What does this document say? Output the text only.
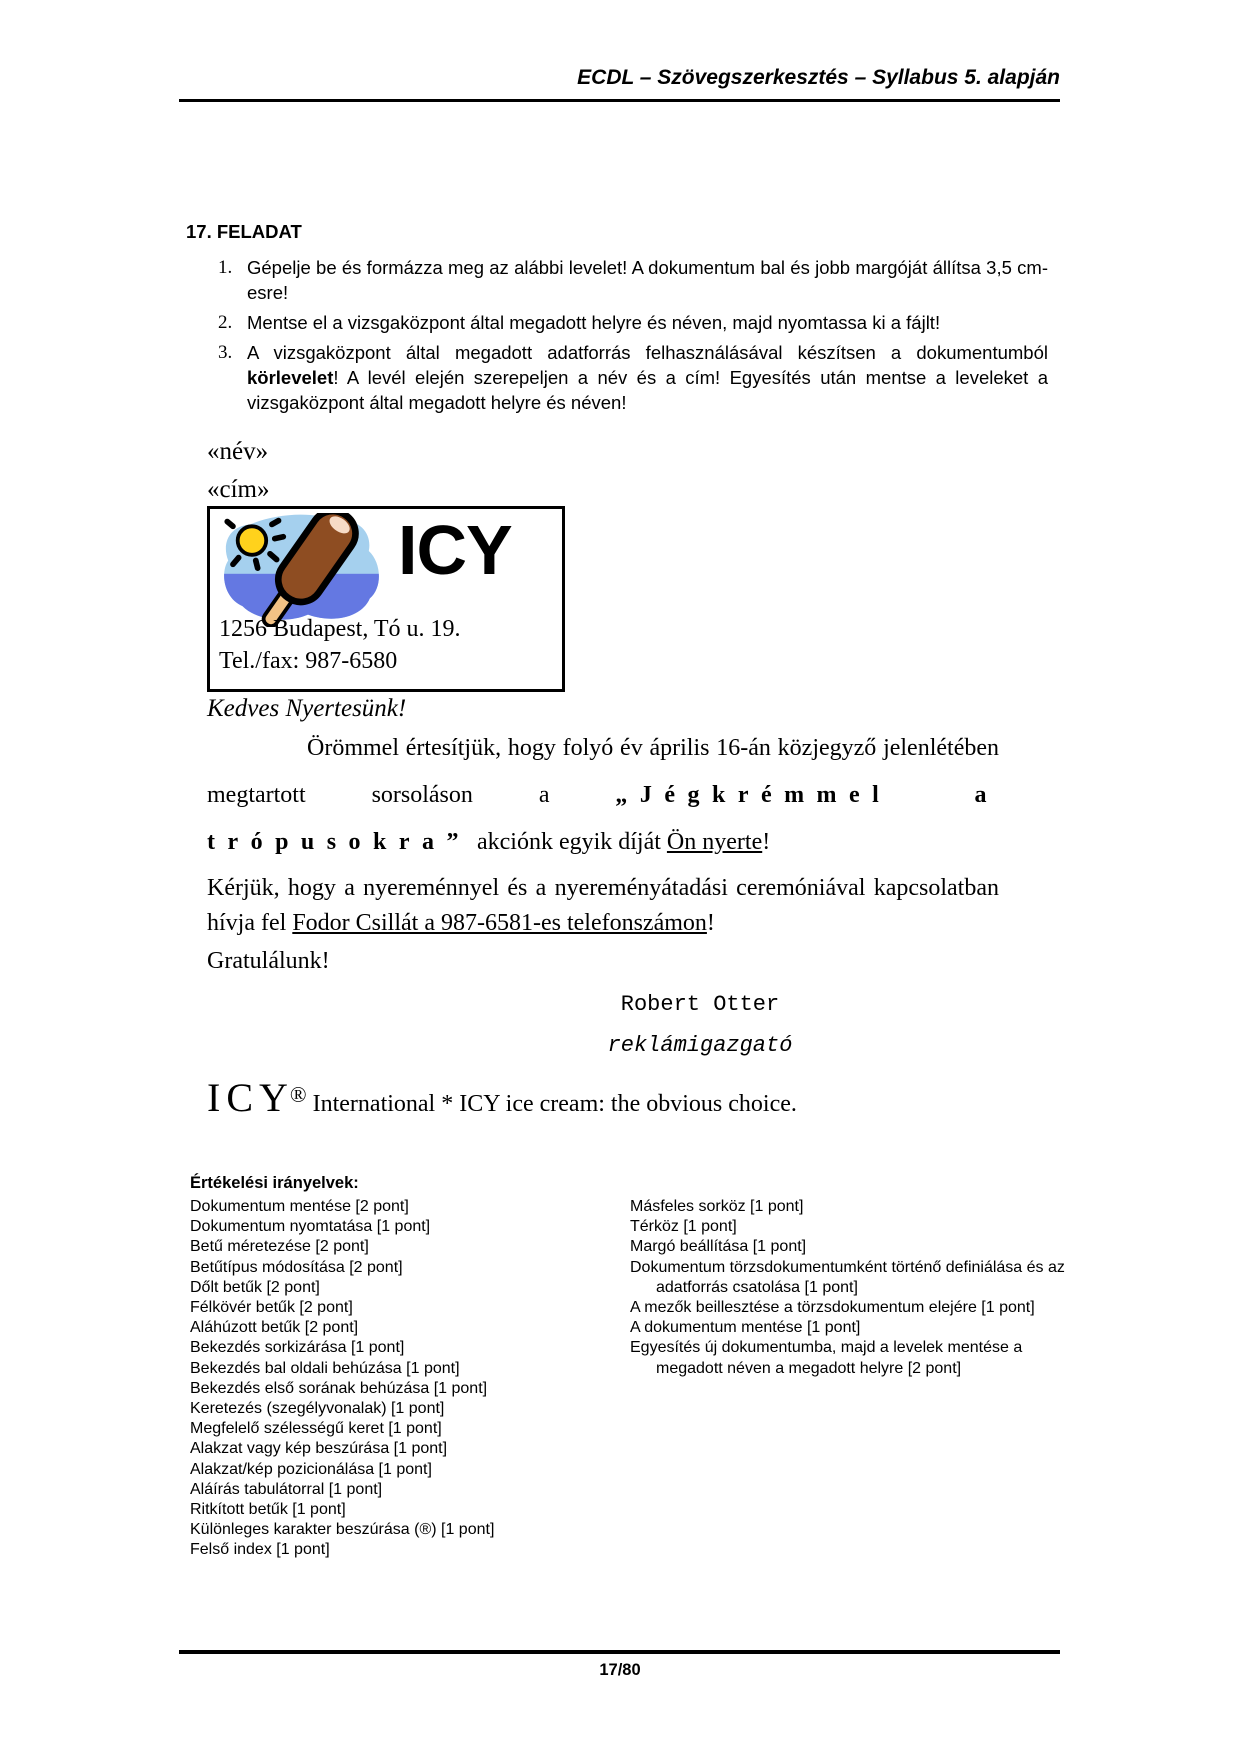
ECDL – Szövegszerkesztés – Syllabus 5. alapján
17. FELADAT
1. Gépelje be és formázza meg az alábbi levelet! A dokumentum bal és jobb margóját állítsa 3,5 cm-esre!
2. Mentse el a vizsgaközpont által megadott helyre és néven, majd nyomtassa ki a fájlt!
3. A vizsgaközpont által megadott adatforrás felhasználásával készítsen a dokumentumból körlevelet! A levél elején szerepeljen a név és a cím! Egyesítés után mentse a leveleket a vizsgaközpont által megadott helyre és néven!
«név»
«cím»
ICY
1256 Budapest, Tó u. 19.
Tel./fax: 987-6580
Kedves Nyertesünk!
Örömmel értesítjük, hogy folyó év április 16-án közjegyző jelenlétében megtartott sorsoláson a „Jégkrémmel a trópusokra” akciónk egyik díját Ön nyerte!
Kérjük, hogy a nyereménnyel és a nyereményátadási ceremóniával kapcsolatban hívja fel Fodor Csillát a 987-6581-es telefonszámon!
Gratulálunk!
Robert Otter
reklámigazgató
ICY® International * ICY ice cream: the obvious choice.
Értékelési irányelvek:
Dokumentum mentése [2 pont]
Dokumentum nyomtatása [1 pont]
Betű méretezése [2 pont]
Betűtípus módosítása [2 pont]
Dőlt betűk [2 pont]
Félkövér betűk [2 pont]
Aláhúzott betűk [2 pont]
Bekezdés sorkizárása [1 pont]
Bekezdés bal oldali behúzása [1 pont]
Bekezdés első sorának behúzása [1 pont]
Keretezés (szegélyvonalak) [1 pont]
Megfelelő szélességű keret [1 pont]
Alakzat vagy kép beszúrása [1 pont]
Alakzat/kép pozicionálása [1 pont]
Aláírás tabulátorral [1 pont]
Ritkított betűk [1 pont]
Különleges karakter beszúrása (®) [1 pont]
Felső index [1 pont]
Másfeles sorköz [1 pont]
Térköz [1 pont]
Margó beállítása [1 pont]
Dokumentum törzsdokumentumként történő definiálása és az adatforrás csatolása [1 pont]
A mezők beillesztése a törzsdokumentum elejére [1 pont]
A dokumentum mentése [1 pont]
Egyesítés új dokumentumba, majd a levelek mentése a megadott néven a megadott helyre [2 pont]
17/80
